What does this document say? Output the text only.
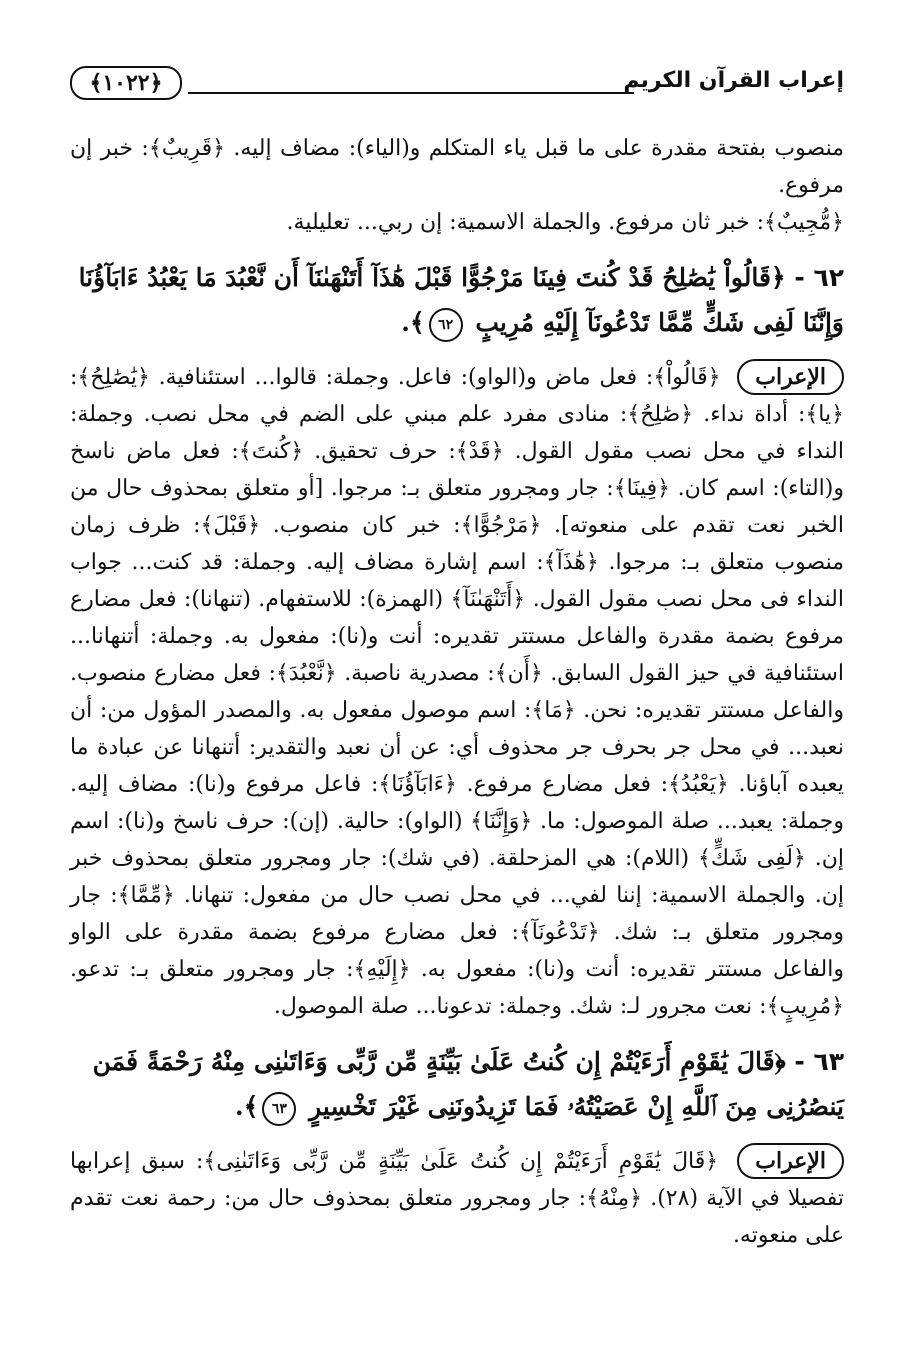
إعراب القرآن الكريم
﴿١٠٢٢﴾

منصوب بفتحة مقدرة على ما قبل ياء المتكلم و(الياء): مضاف إليه. ﴿قَرِيبٌ﴾: خبر إن مرفوع.
﴿مُّجِيبٌ﴾: خبر ثان مرفوع. والجملة الاسمية: إن ربي... تعليلية.

٦٢ - ﴿قَالُواْ يَٰصَٰلِحُ قَدْ كُنتَ فِينَا مَرْجُوًّا قَبْلَ هَٰذَآ أَتَنْهَىٰنَآ أَن نَّعْبُدَ مَا يَعْبُدُ ءَابَآؤُنَا وَإِنَّنَا لَفِى شَكٍّ مِّمَّا تَدْعُونَآ إِلَيْهِ مُرِيبٍ ٦٢﴾.

الإعراب ﴿قَالُواْ﴾: فعل ماض و(الواو): فاعل. وجملة: قالوا... استئنافية. ﴿يَٰصَٰلِحُ﴾: ﴿يا﴾: أداة نداء. ﴿صَٰلِحُ﴾: منادى مفرد علم مبني على الضم في محل نصب. وجملة: النداء في محل نصب مقول القول. ﴿قَدْ﴾: حرف تحقيق. ﴿كُنتَ﴾: فعل ماض ناسخ و(التاء): اسم كان. ﴿فِينَا﴾: جار ومجرور متعلق بـ: مرجوا. [أو متعلق بمحذوف حال من الخبر نعت تقدم على منعوته]. ﴿مَرْجُوًّا﴾: خبر كان منصوب. ﴿قَبْلَ﴾: ظرف زمان منصوب متعلق بـ: مرجوا. ﴿هَٰذَآ﴾: اسم إشارة مضاف إليه. وجملة: قد كنت... جواب النداء فى محل نصب مقول القول. ﴿أَتَنْهَىٰنَآ﴾ (الهمزة): للاستفهام. (تنهانا): فعل مضارع مرفوع بضمة مقدرة والفاعل مستتر تقديره: أنت و(نا): مفعول به. وجملة: أتنهانا... استئنافية في حيز القول السابق. ﴿أَن﴾: مصدرية ناصبة. ﴿نَّعْبُدَ﴾: فعل مضارع منصوب. والفاعل مستتر تقديره: نحن. ﴿مَا﴾: اسم موصول مفعول به. والمصدر المؤول من: أن نعبد... في محل جر بحرف جر محذوف أي: عن أن نعبد والتقدير: أتنهانا عن عبادة ما يعبده آباؤنا. ﴿يَعْبُدُ﴾: فعل مضارع مرفوع. ﴿ءَابَآؤُنَا﴾: فاعل مرفوع و(نا): مضاف إليه. وجملة: يعبد... صلة الموصول: ما. ﴿وَإِنَّنَا﴾ (الواو): حالية. (إن): حرف ناسخ و(نا): اسم إن. ﴿لَفِى شَكٍّ﴾ (اللام): هي المزحلقة. (في شك): جار ومجرور متعلق بمحذوف خبر إن. والجملة الاسمية: إننا لفي... في محل نصب حال من مفعول: تنهانا. ﴿مِّمَّا﴾: جار ومجرور متعلق بـ: شك. ﴿تَدْعُونَآ﴾: فعل مضارع مرفوع بضمة مقدرة على الواو والفاعل مستتر تقديره: أنت و(نا): مفعول به. ﴿إِلَيْهِ﴾: جار ومجرور متعلق بـ: تدعو. ﴿مُرِيبٍ﴾: نعت مجرور لـ: شك. وجملة: تدعونا... صلة الموصول.

٦٣ - ﴿قَالَ يَٰقَوْمِ أَرَءَيْتُمْ إِن كُنتُ عَلَىٰ بَيِّنَةٍ مِّن رَّبِّى وَءَاتَىٰنِى مِنْهُ رَحْمَةً فَمَن يَنصُرُنِى مِنَ ٱللَّهِ إِنْ عَصَيْتُهُۥ فَمَا تَزِيدُونَنِى غَيْرَ تَخْسِيرٍ ٦٣﴾.

الإعراب ﴿قَالَ يَٰقَوْمِ أَرَءَيْتُمْ إِن كُنتُ عَلَىٰ بَيِّنَةٍ مِّن رَّبِّى وَءَاتَىٰنِى﴾: سبق إعرابها تفصيلا في الآية (٢٨). ﴿مِنْهُ﴾: جار ومجرور متعلق بمحذوف حال من: رحمة نعت تقدم على منعوته.
